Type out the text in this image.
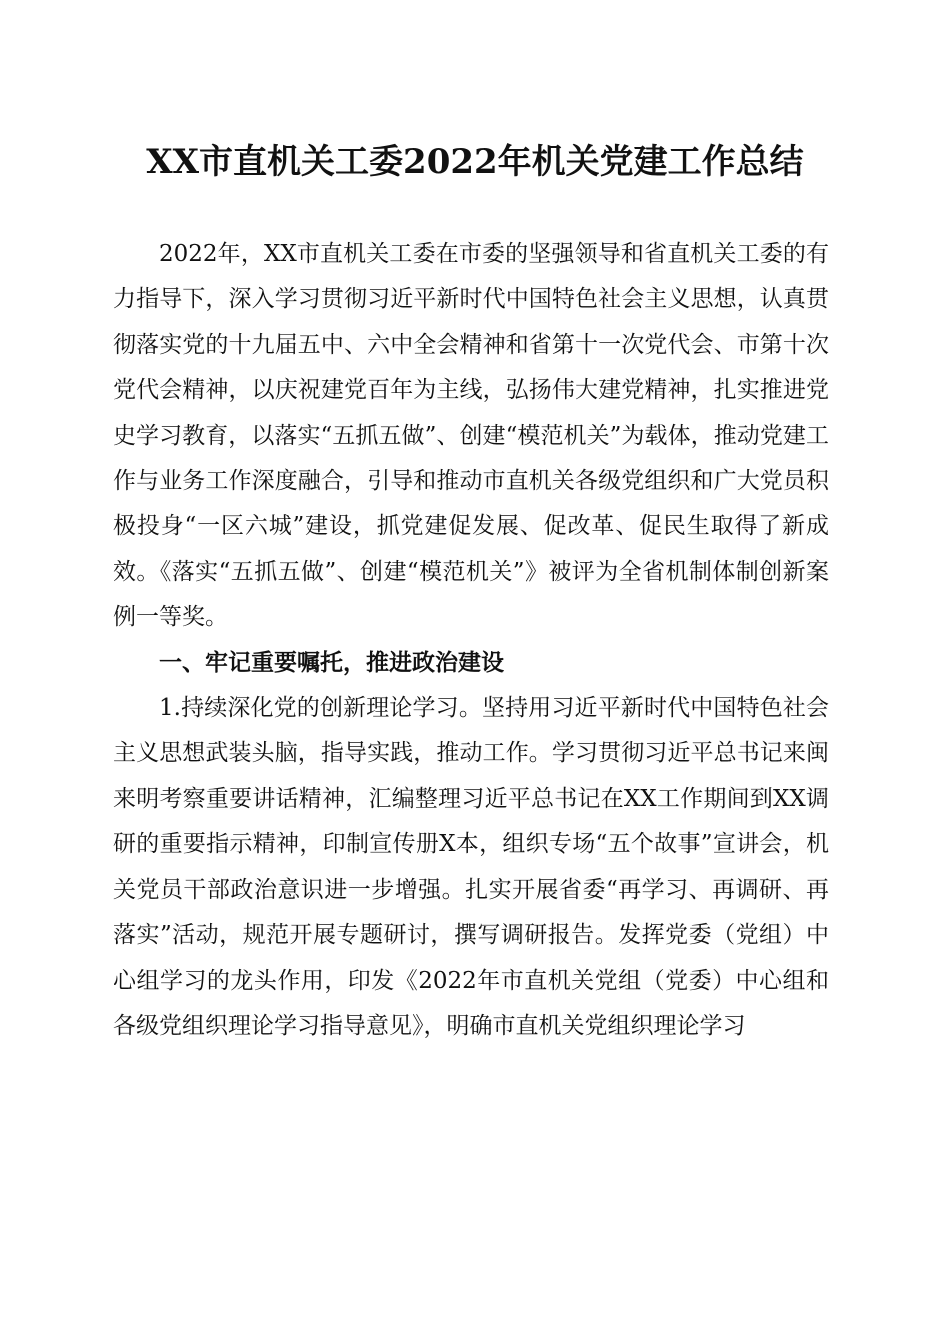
XX市直机关工委2022年机关党建工作总结

2022年，XX市直机关工委在市委的坚强领导和省直机关工委的有力指导下，深入学习贯彻习近平新时代中国特色社会主义思想，认真贯彻落实党的十九届五中、六中全会精神和省第十一次党代会、市第十次党代会精神，以庆祝建党百年为主线，弘扬伟大建党精神，扎实推进党史学习教育，以落实“五抓五做”、创建“模范机关”为载体，推动党建工作与业务工作深度融合，引导和推动市直机关各级党组织和广大党员积极投身“一区六城”建设，抓党建促发展、促改革、促民生取得了新成效。《落实“五抓五做”、创建“模范机关”》被评为全省机制体制创新案例一等奖。

一、牢记重要嘱托，推进政治建设

1.持续深化党的创新理论学习。坚持用习近平新时代中国特色社会主义思想武装头脑，指导实践，推动工作。学习贯彻习近平总书记来闽来明考察重要讲话精神，汇编整理习近平总书记在XX工作期间到XX调研的重要指示精神，印制宣传册X本，组织专场“五个故事”宣讲会，机关党员干部政治意识进一步增强。扎实开展省委“再学习、再调研、再落实”活动，规范开展专题研讨，撰写调研报告。发挥党委（党组）中心组学习的龙头作用，印发《2022年市直机关党组（党委）中心组和各级党组织理论学习指导意见》，明确市直机关党组织理论学习
